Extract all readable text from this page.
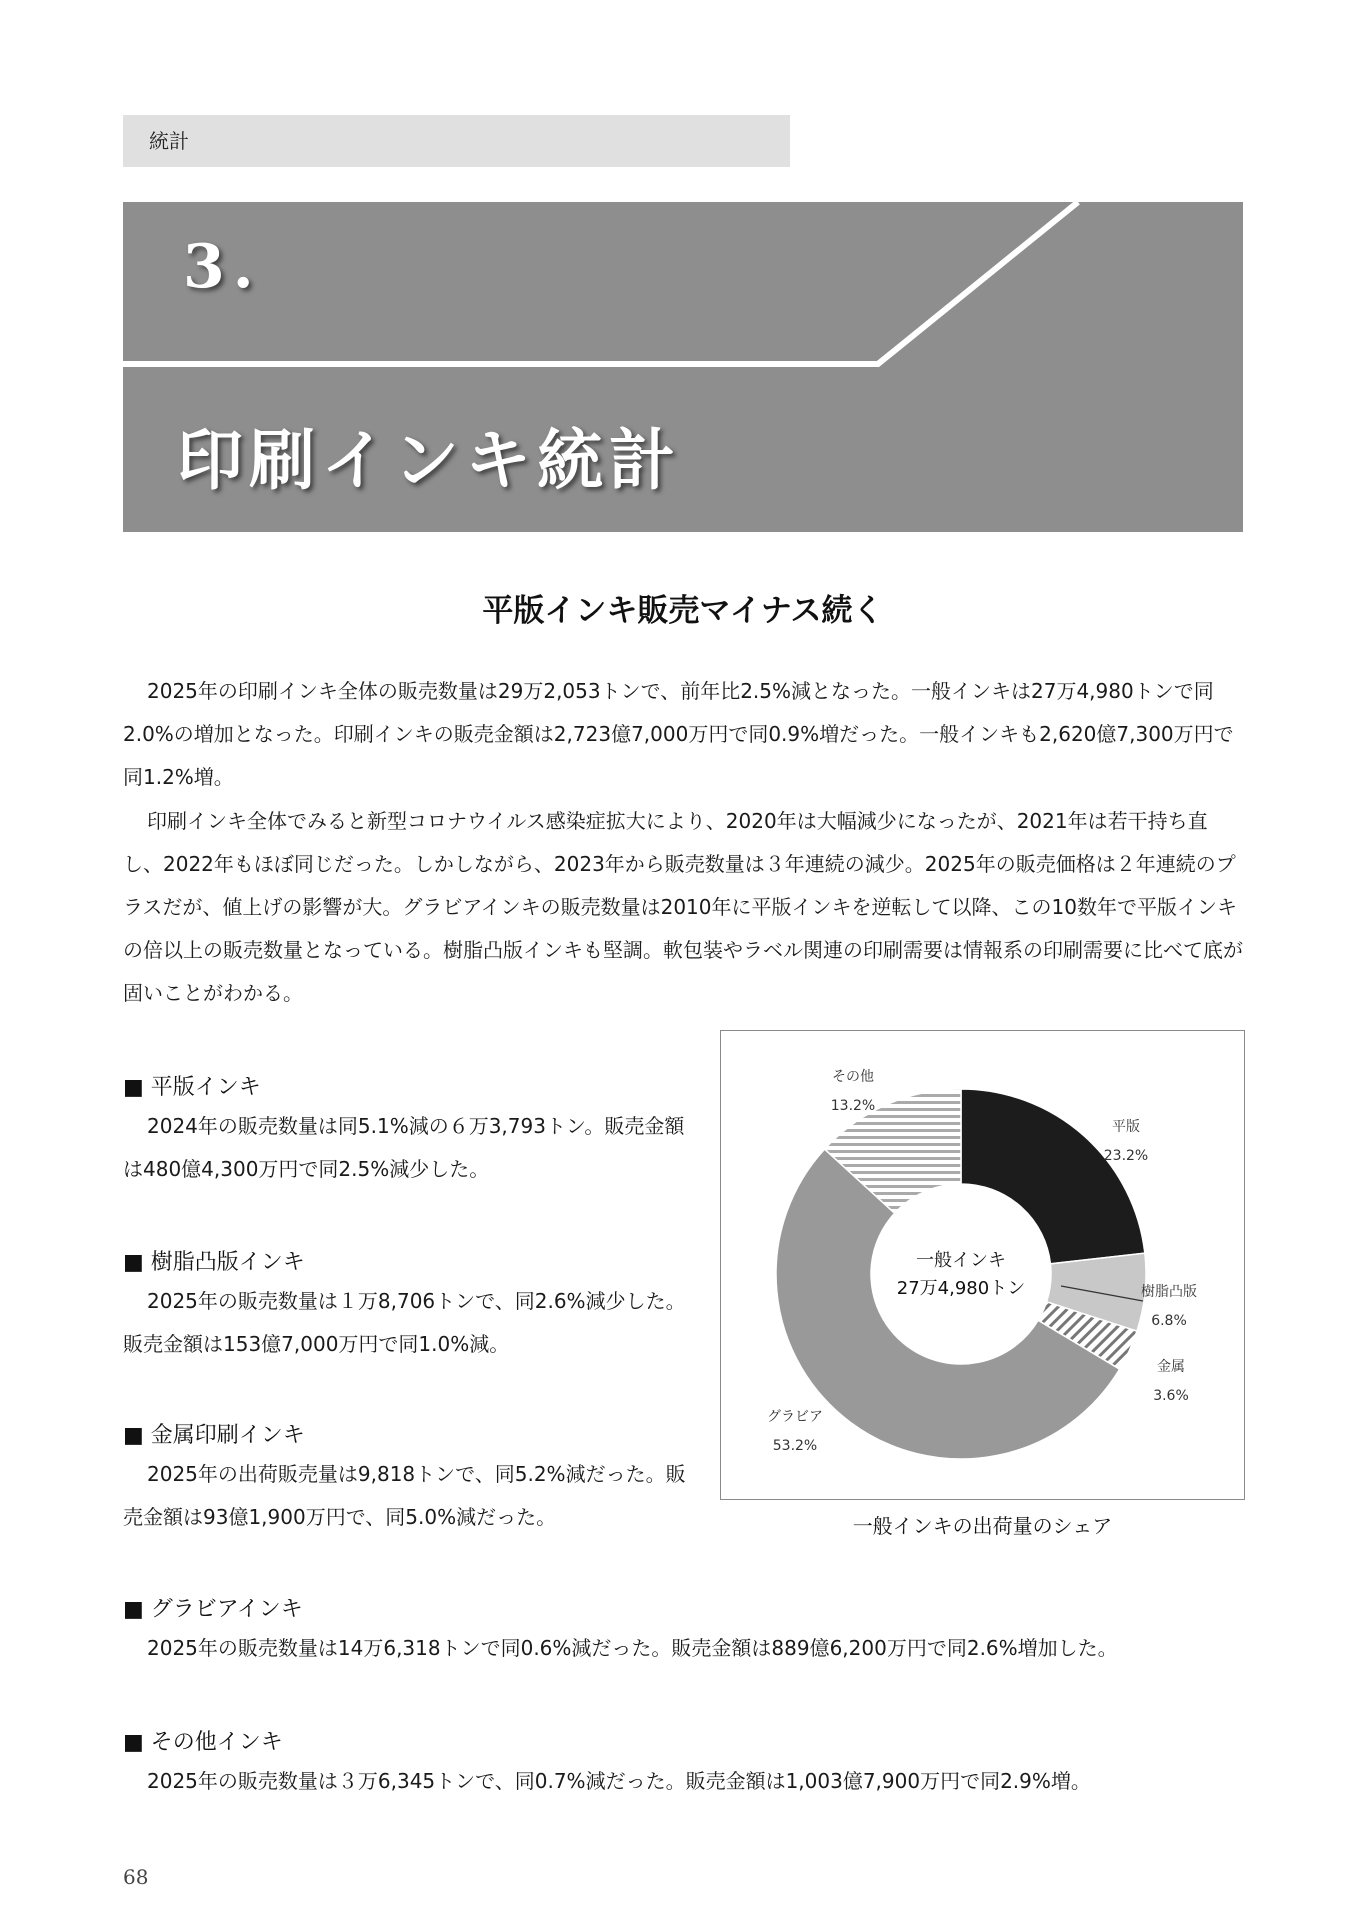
統計
3.
印刷インキ統計
平版インキ販売マイナス続く

2025年の印刷インキ全体の販売数量は29万2,053トンで、前年比2.5%減となった。一般インキは27万4,980トンで同2.0%の増加となった。印刷インキの販売金額は2,723億7,000万円で同0.9%増だった。一般インキも2,620億7,300万円で同1.2%増。

印刷インキ全体でみると新型コロナウイルス感染症拡大により、2020年は大幅減少になったが、2021年は若干持ち直し、2022年もほぼ同じだった。しかしながら、2023年から販売数量は３年連続の減少。2025年の販売価格は２年連続のプラスだが、値上げの影響が大。グラビアインキの販売数量は2010年に平版インキを逆転して以降、この10数年で平版インキの倍以上の販売数量となっている。樹脂凸版インキも堅調。軟包装やラベル関連の印刷需要は情報系の印刷需要に比べて底が固いことがわかる。

■ 平版インキ

2024年の販売数量は同5.1%減の６万3,793トン。販売金額は480億4,300万円で同2.5%減少した。

■ 樹脂凸版インキ

2025年の販売数量は１万8,706トンで、同2.6%減少した。販売金額は153億7,000万円で同1.0%減。

■ 金属印刷インキ

2025年の出荷販売量は9,818トンで、同5.2%減だった。販売金額は93億1,900万円で、同5.0%減だった。

■ グラビアインキ

2025年の販売数量は14万6,318トンで同0.6%減だった。販売金額は889億6,200万円で同2.6%増加した。

■ その他インキ

2025年の販売数量は３万6,345トンで、同0.7%減だった。販売金額は1,003億7,900万円で同2.9%増。

平版
23.2%
樹脂凸版
6.8%
金属
3.6%
グラビア
53.2%
その他
13.2%
一般インキ
27万4,980トン
一般インキの出荷量のシェア
68
